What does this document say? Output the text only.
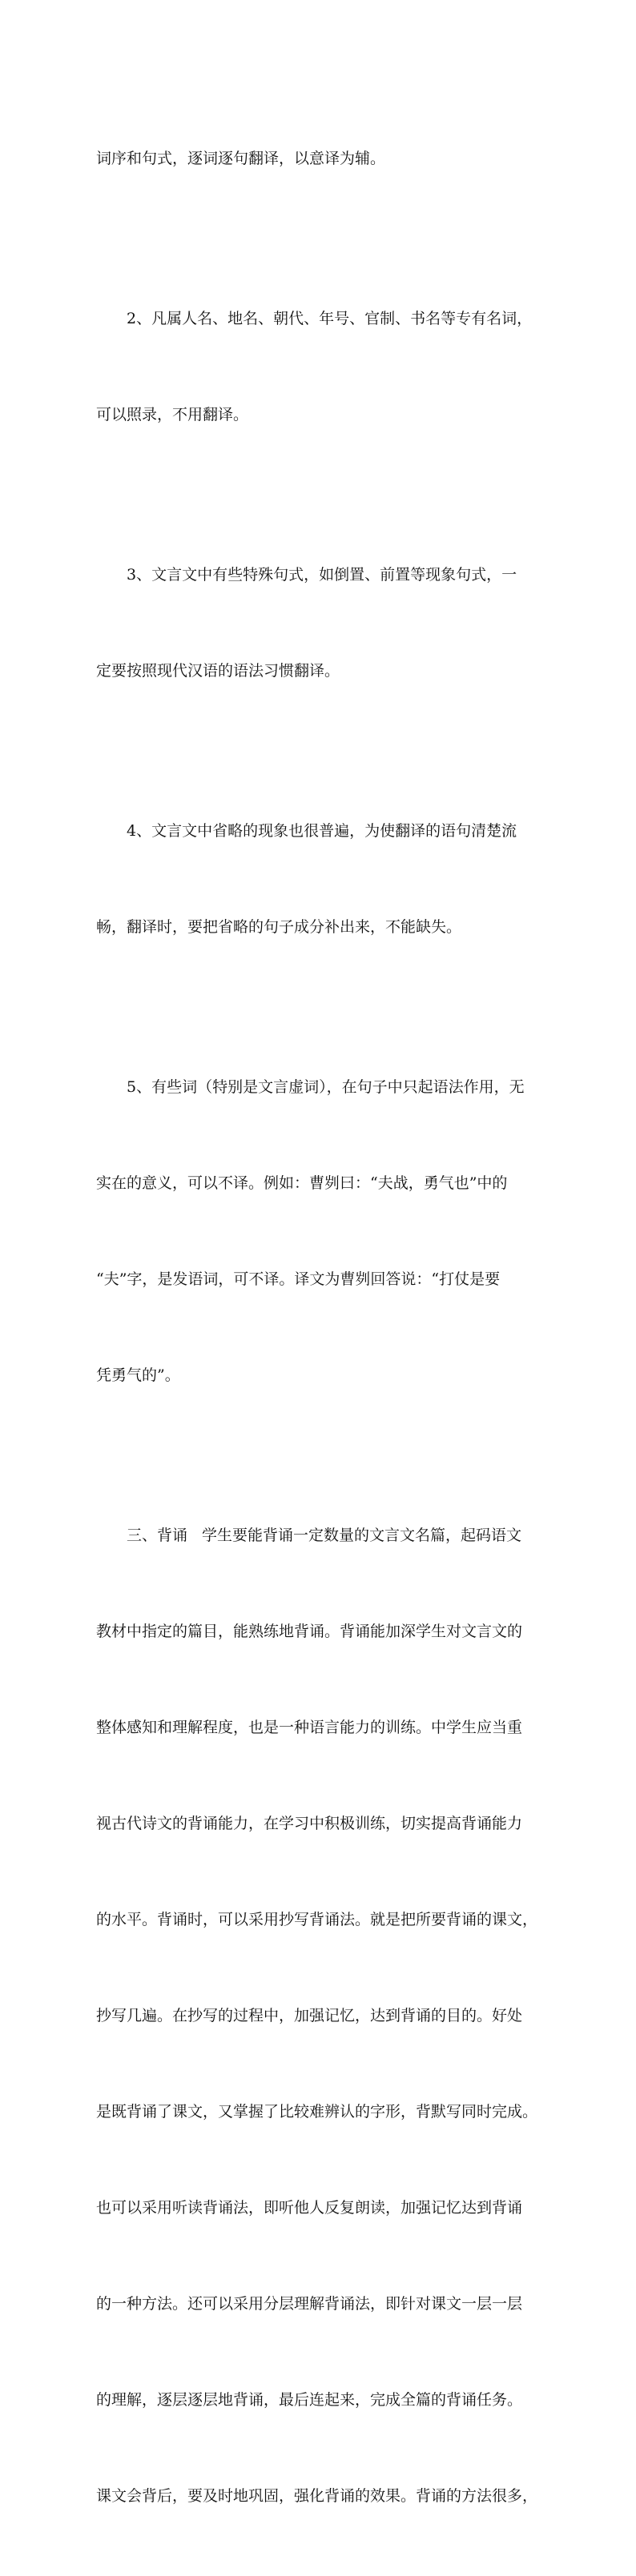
词序和句式，逐词逐句翻译，以意译为辅。

2、凡属人名、地名、朝代、年号、官制、书名等专有名词，

可以照录，不用翻译。

3、文言文中有些特殊句式，如倒置、前置等现象句式，一

定要按照现代汉语的语法习惯翻译。

4、文言文中省略的现象也很普遍，为使翻译的语句清楚流

畅，翻译时，要把省略的句子成分补出来，不能缺失。

5、有些词（特别是文言虚词），在句子中只起语法作用，无

实在的意义，可以不译。例如：曹刿曰：“夫战，勇气也”中的

“夫”字，是发语词，可不译。译文为曹刿回答说：“打仗是要

凭勇气的”。

三、背诵 学生要能背诵一定数量的文言文名篇，起码语文

教材中指定的篇目，能熟练地背诵。背诵能加深学生对文言文的

整体感知和理解程度，也是一种语言能力的训练。中学生应当重

视古代诗文的背诵能力，在学习中积极训练，切实提高背诵能力

的水平。背诵时，可以采用抄写背诵法。就是把所要背诵的课文，

抄写几遍。在抄写的过程中，加强记忆，达到背诵的目的。好处

是既背诵了课文，又掌握了比较难辨认的字形，背默写同时完成。

也可以采用听读背诵法，即听他人反复朗读，加强记忆达到背诵

的一种方法。还可以采用分层理解背诵法，即针对课文一层一层

的理解，逐层逐层地背诵，最后连起来，完成全篇的背诵任务。

课文会背后，要及时地巩固，强化背诵的效果。背诵的方法很多，
